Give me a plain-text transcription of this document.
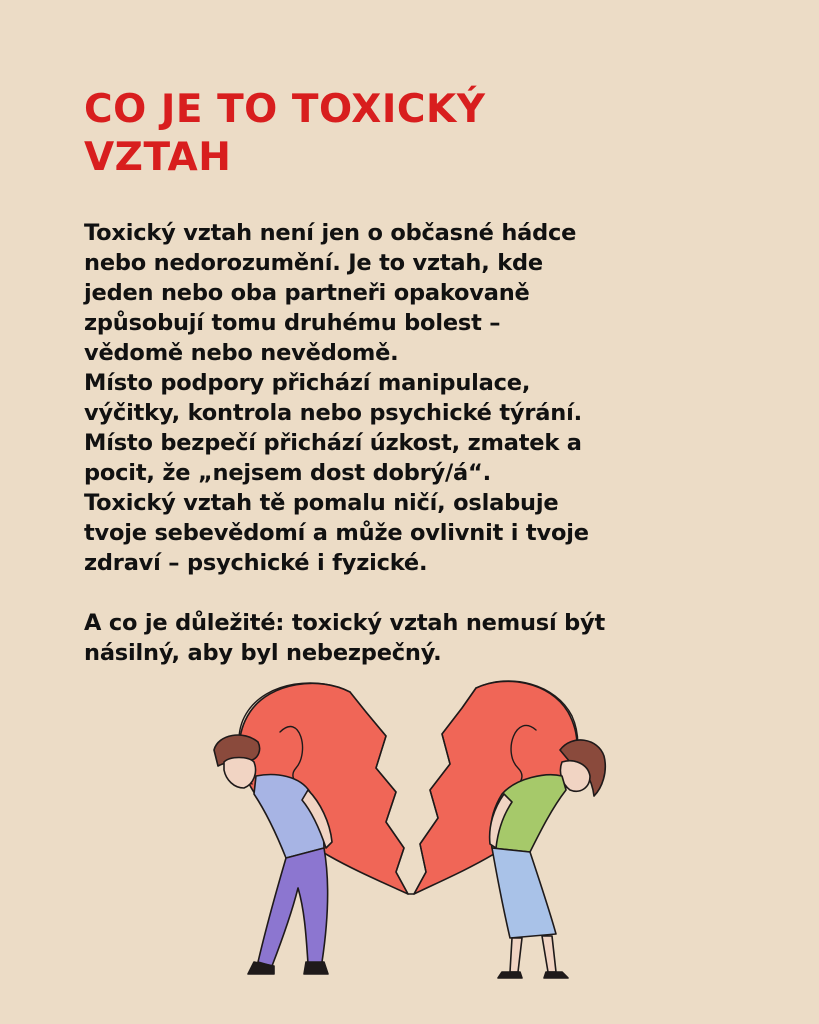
CO JE TO TOXICKÝ
VZTAH
Toxický vztah není jen o občasné hádce
nebo nedorozumění. Je to vztah, kde
jeden nebo oba partneři opakovaně
způsobují tomu druhému bolest –
vědomě nebo nevědomě.
Místo podpory přichází manipulace,
výčitky, kontrola nebo psychické týrání.
Místo bezpečí přichází úzkost, zmatek a
pocit, že „nejsem dost dobrý/á“.
Toxický vztah tě pomalu ničí, oslabuje
tvoje sebevědomí a může ovlivnit i tvoje
zdraví – psychické i fyzické.
A co je důležité: toxický vztah nemusí být
násilný, aby byl nebezpečný.
